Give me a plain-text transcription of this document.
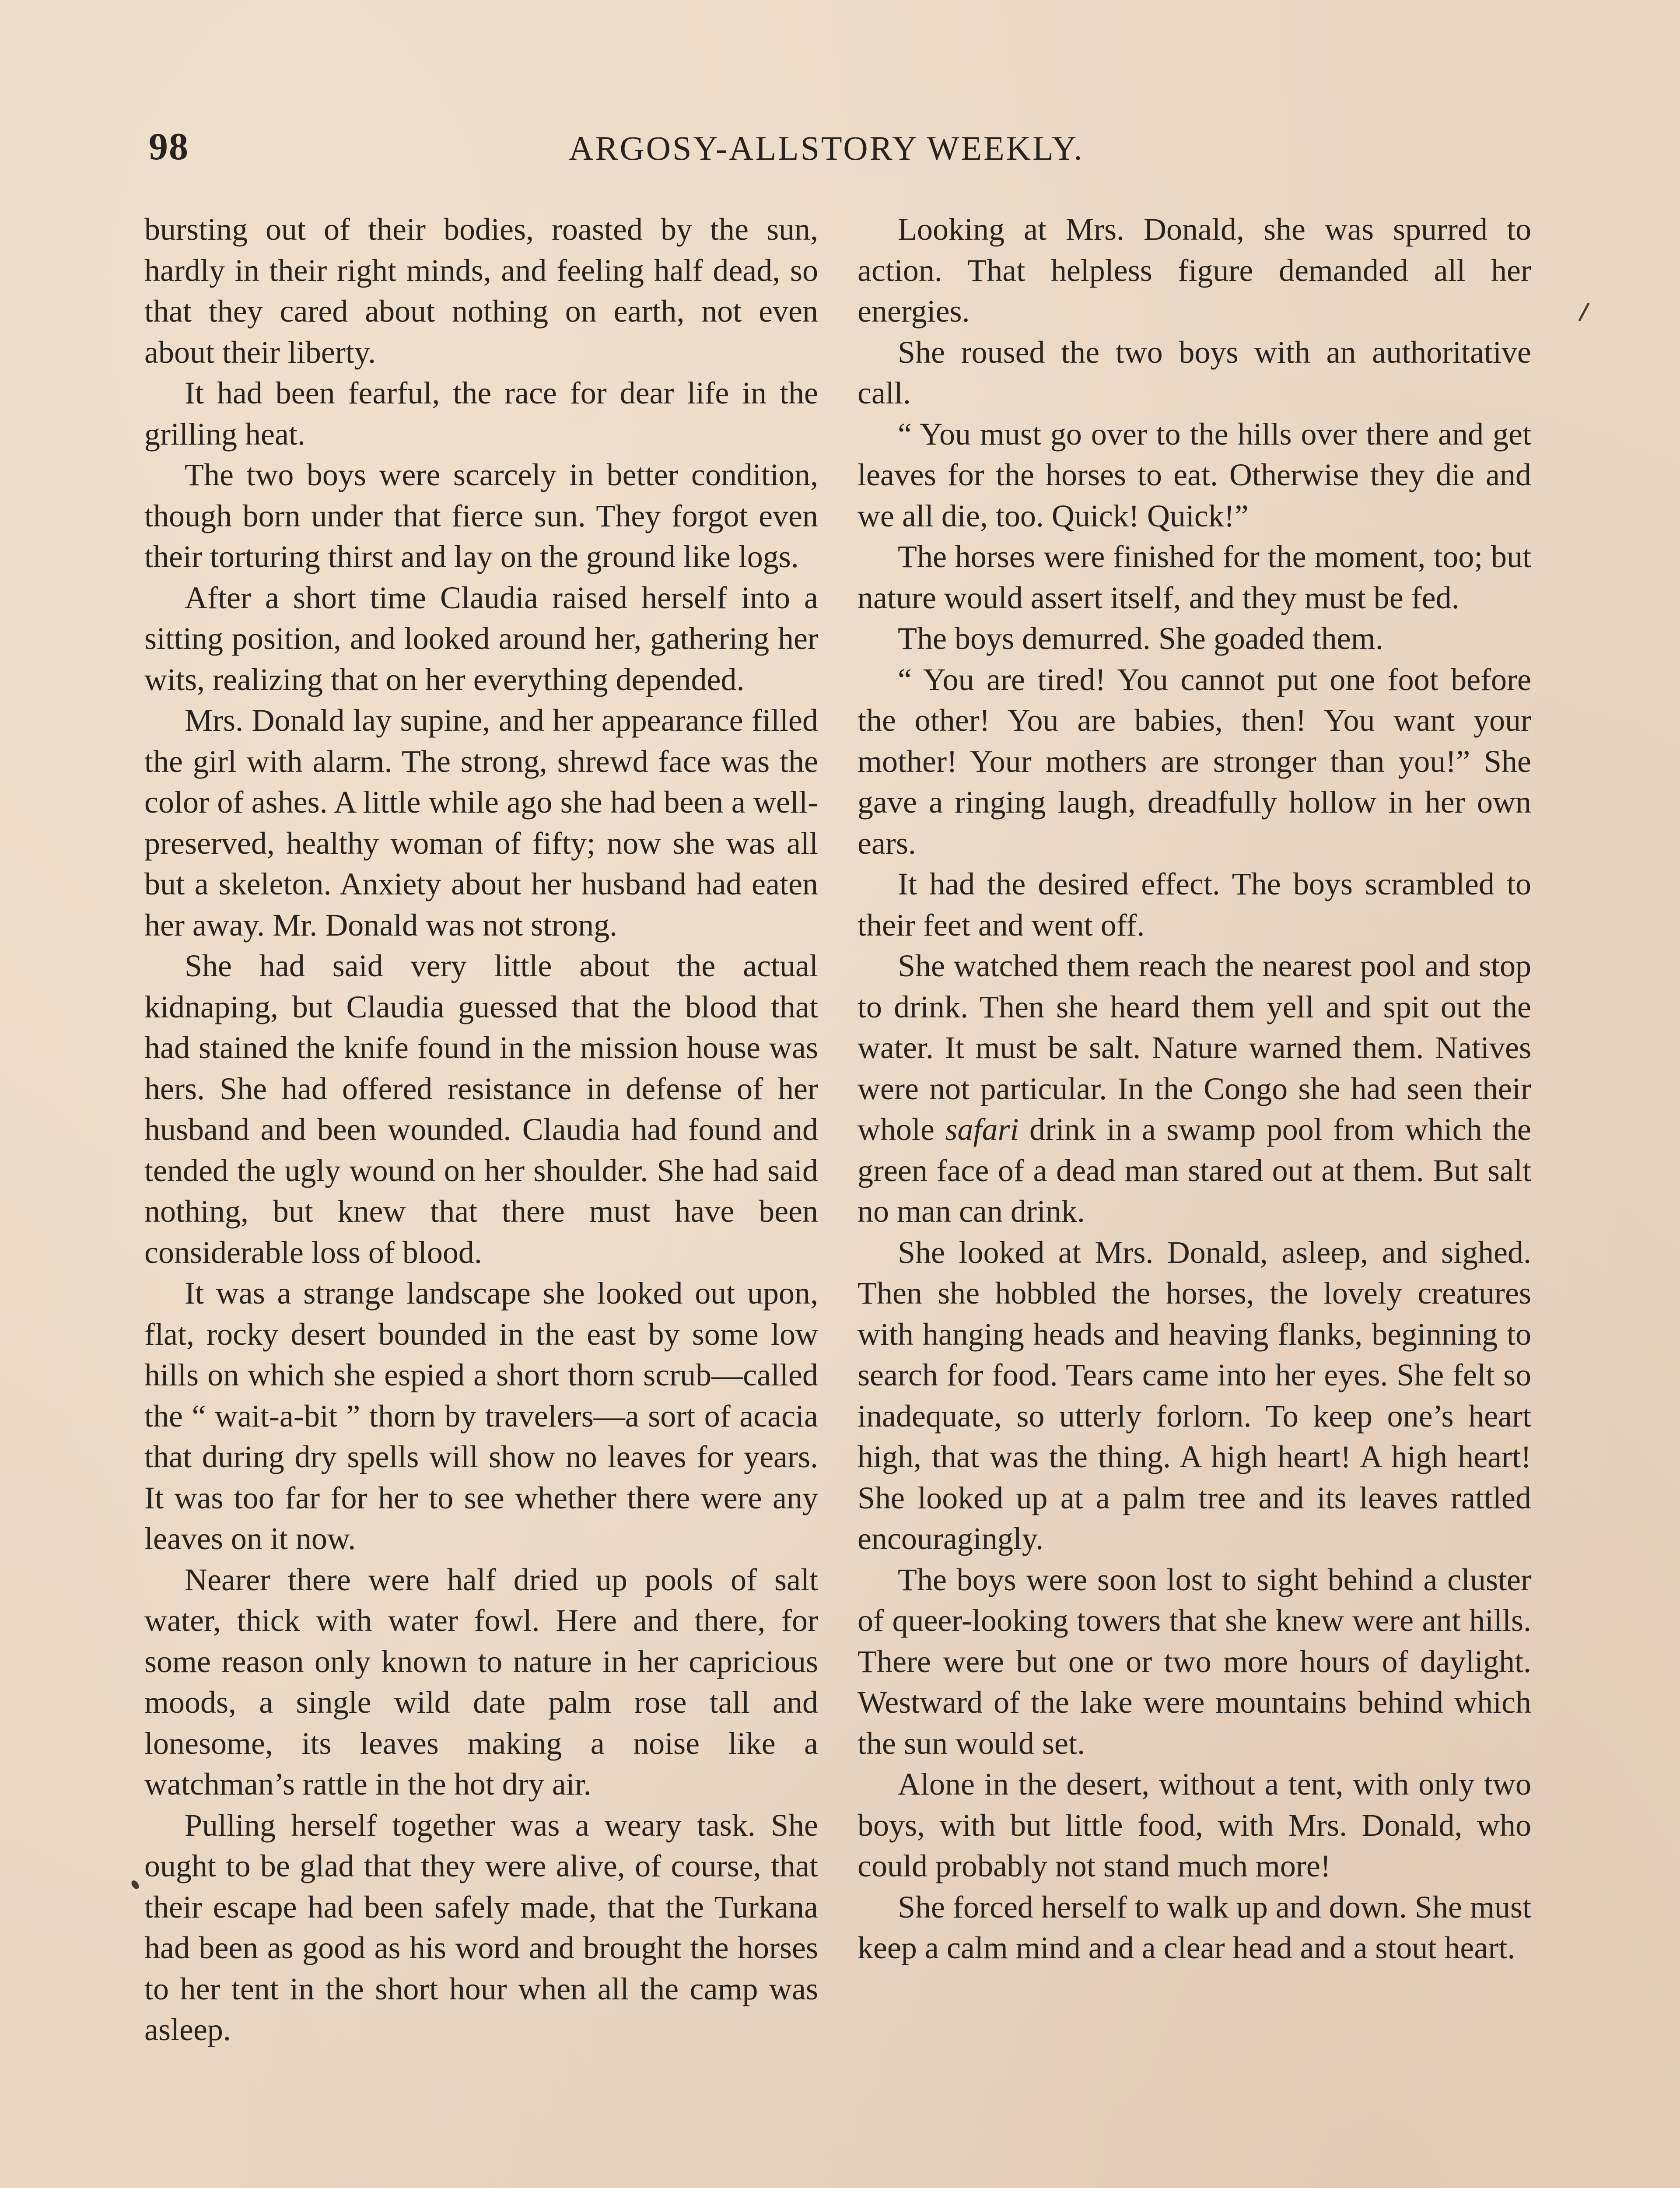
98	ARGOSY-ALLSTORY WEEKLY.

bursting out of their bodies, roasted by the sun, hardly in their right minds, and feeling half dead, so that they cared about nothing on earth, not even about their liberty.

It had been fearful, the race for dear life in the grilling heat.

The two boys were scarcely in better condition, though born under that fierce sun. They forgot even their torturing thirst and lay on the ground like logs.

After a short time Claudia raised herself into a sitting position, and looked around her, gathering her wits, realizing that on her everything depended.

Mrs. Donald lay supine, and her appearance filled the girl with alarm. The strong, shrewd face was the color of ashes. A little while ago she had been a well-preserved, healthy woman of fifty; now she was all but a skeleton. Anxiety about her husband had eaten her away. Mr. Donald was not strong.

She had said very little about the actual kidnaping, but Claudia guessed that the blood that had stained the knife found in the mission house was hers. She had offered resistance in defense of her husband and been wounded. Claudia had found and tended the ugly wound on her shoulder. She had said nothing, but knew that there must have been considerable loss of blood.

It was a strange landscape she looked out upon, flat, rocky desert bounded in the east by some low hills on which she espied a short thorn scrub—called the “ wait-a-bit ” thorn by travelers—a sort of acacia that during dry spells will show no leaves for years. It was too far for her to see whether there were any leaves on it now.

Nearer there were half dried up pools of salt water, thick with water fowl. Here and there, for some reason only known to nature in her capricious moods, a single wild date palm rose tall and lonesome, its leaves making a noise like a watchman’s rattle in the hot dry air.

Pulling herself together was a weary task. She ought to be glad that they were alive, of course, that their escape had been safely made, that the Turkana had been as good as his word and brought the horses to her tent in the short hour when all the camp was asleep.

Looking at Mrs. Donald, she was spurred to action. That helpless figure demanded all her energies.

She roused the two boys with an authoritative call.

“ You must go over to the hills over there and get leaves for the horses to eat. Otherwise they die and we all die, too. Quick! Quick!”

The horses were finished for the moment, too; but nature would assert itself, and they must be fed.

The boys demurred. She goaded them.

“ You are tired! You cannot put one foot before the other! You are babies, then! You want your mother! Your mothers are stronger than you!” She gave a ringing laugh, dreadfully hollow in her own ears.

It had the desired effect. The boys scrambled to their feet and went off.

She watched them reach the nearest pool and stop to drink. Then she heard them yell and spit out the water. It must be salt. Nature warned them. Natives were not particular. In the Congo she had seen their whole safari drink in a swamp pool from which the green face of a dead man stared out at them. But salt no man can drink.

She looked at Mrs. Donald, asleep, and sighed. Then she hobbled the horses, the lovely creatures with hanging heads and heaving flanks, beginning to search for food. Tears came into her eyes. She felt so inadequate, so utterly forlorn. To keep one’s heart high, that was the thing. A high heart! A high heart! She looked up at a palm tree and its leaves rattled encouragingly.

The boys were soon lost to sight behind a cluster of queer-looking towers that she knew were ant hills. There were but one or two more hours of daylight. Westward of the lake were mountains behind which the sun would set.

Alone in the desert, without a tent, with only two boys, with but little food, with Mrs. Donald, who could probably not stand much more!

She forced herself to walk up and down. She must keep a calm mind and a clear head and a stout heart.
